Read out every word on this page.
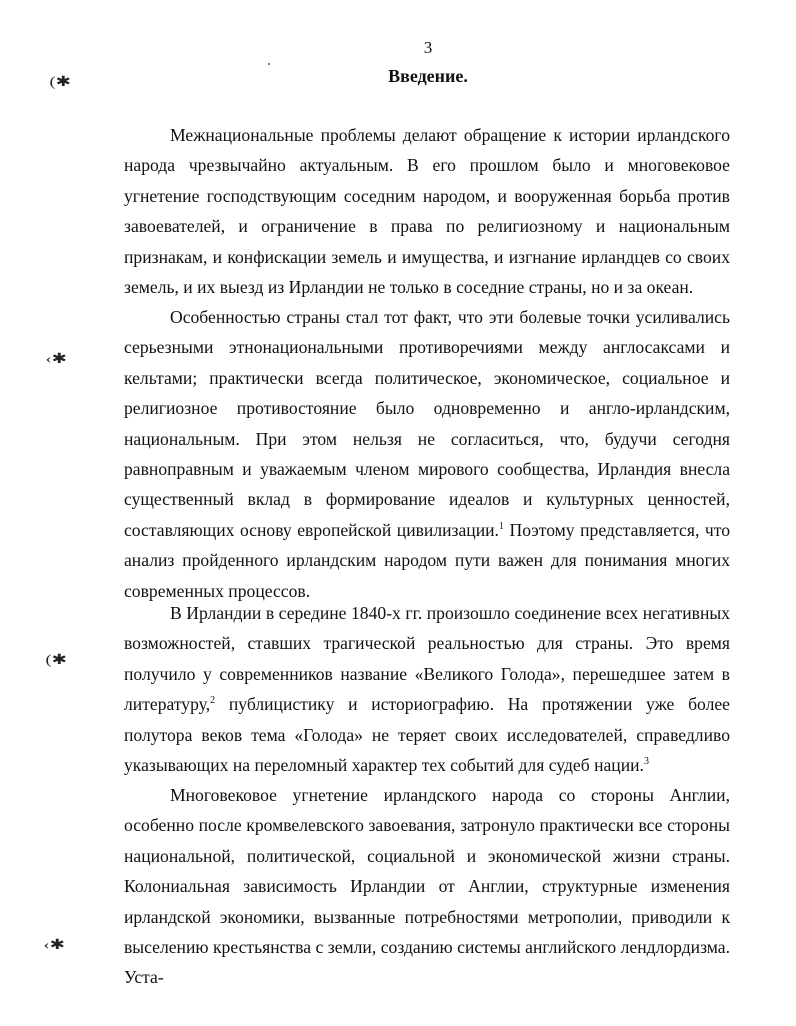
3
Введение.

Межнациональные проблемы делают обращение к истории ирландского народа чрезвычайно актуальным. В его прошлом было и многовековое угнетение господствующим соседним народом, и вооруженная борьба против завоевателей, и ограничение в права по религиозному и национальным признакам, и конфискации земель и имущества, и изгнание ирландцев со своих земель, и их выезд из Ирландии не только в соседние страны, но и за океан.

Особенностью страны стал тот факт, что эти болевые точки усиливались серьезными этнонациональными противоречиями между англосаксами и кельтами; практически всегда политическое, экономическое, социальное и религиозное противостояние было одновременно и англо-ирландским, национальным. При этом нельзя не согласиться, что, будучи сегодня равноправным и уважаемым членом мирового сообщества, Ирландия внесла существенный вклад в формирование идеалов и культурных ценностей, составляющих основу европейской цивилизации.$^1$ Поэтому представляется, что анализ пройденного ирландским народом пути важен для понимания многих современных процессов.

В Ирландии в середине 1840-х гг. произошло соединение всех негативных возможностей, ставших трагической реальностью для страны. Это время получило у современников название «Великого Голода», перешедшее затем в литературу,$^2$ публицистику и историографию. На протяжении уже более полутора веков тема «Голода» не теряет своих исследователей, справедливо указывающих на переломный характер тех событий для судеб нации.$^3$

Многовековое угнетение ирландского народа со стороны Англии, особенно после кромвелевского завоевания, затронуло практически все стороны национальной, политической, социальной и экономической жизни страны. Колониальная зависимость Ирландии от Англии, структурные изменения ирландской экономики, вызванные потребностями метрополии, приводили к выселению крестьянства с земли, созданию системы английского лендлордизма. Уста-

(✱
‹✱
(✱
‹✱
